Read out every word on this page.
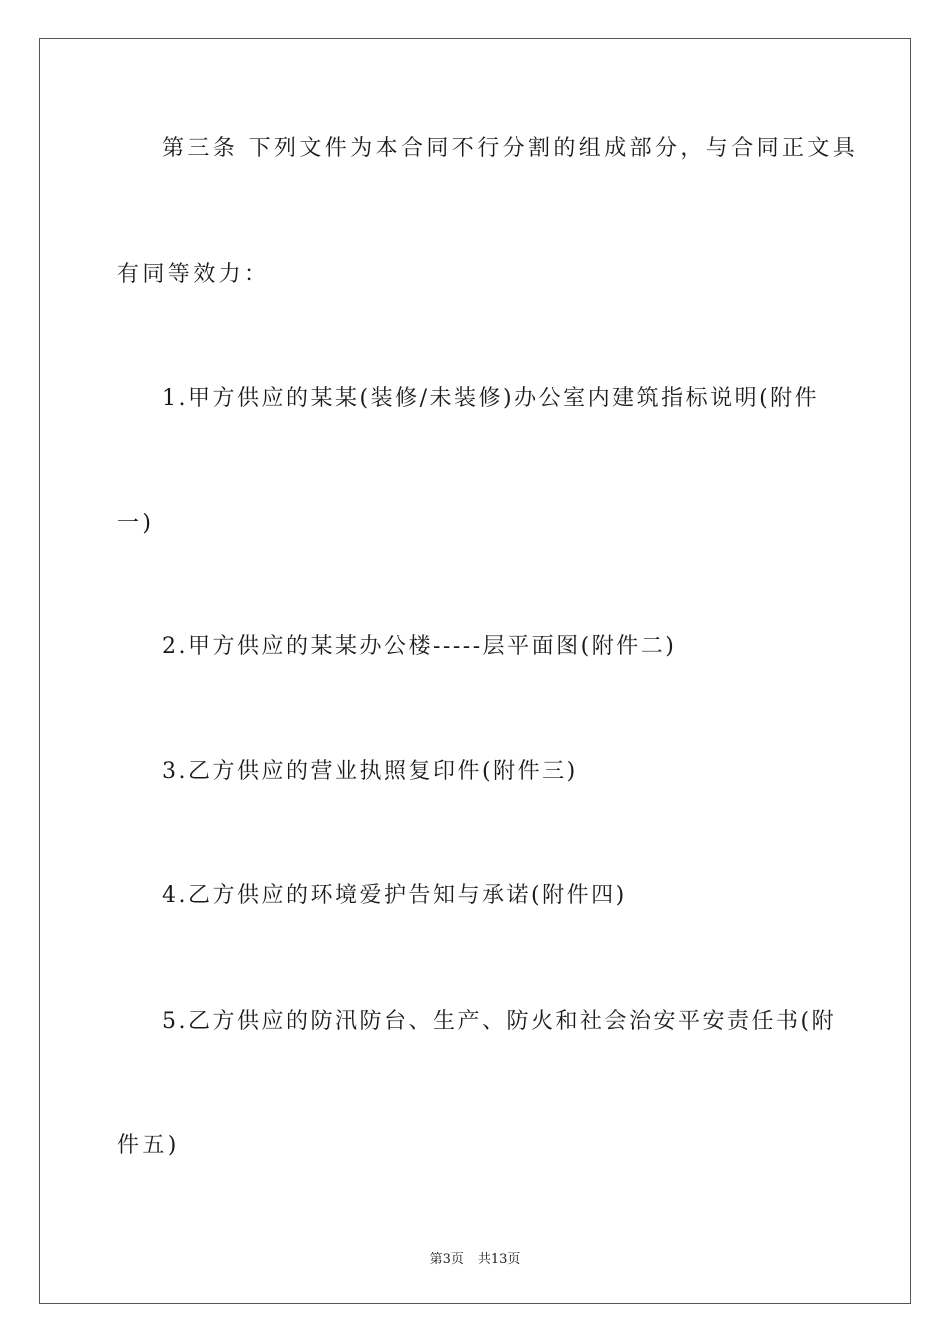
第三条 下列文件为本合同不行分割的组成部分，与合同正文具
有同等效力：
1.甲方供应的某某(装修/未装修)办公室内建筑指标说明(附件
一)
2.甲方供应的某某办公楼-----层平面图(附件二)
3.乙方供应的营业执照复印件(附件三)
4.乙方供应的环境爱护告知与承诺(附件四)
5.乙方供应的防汛防台、生产、防火和社会治安平安责任书(附
件五)
第3页 共13页
